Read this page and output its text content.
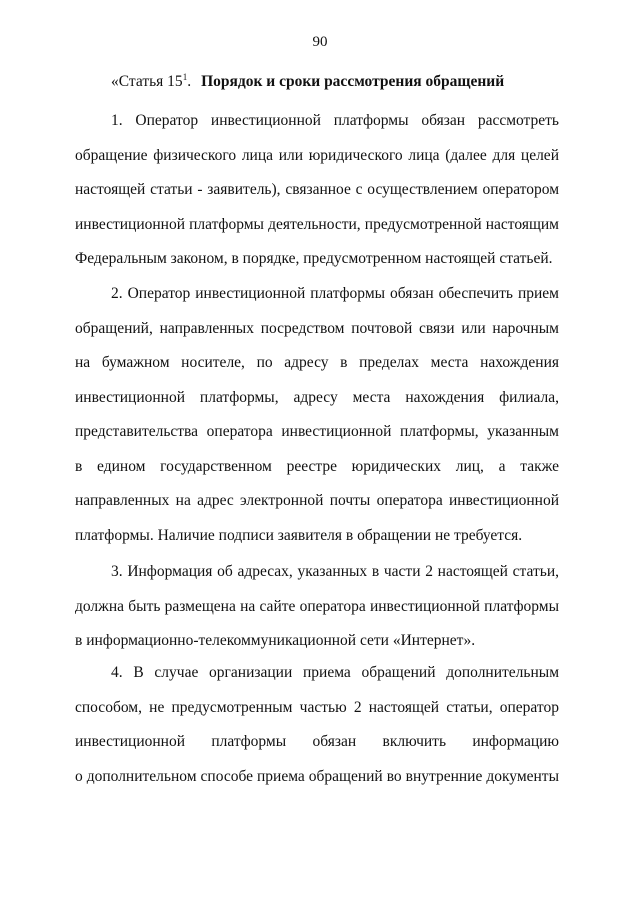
90
«Статья $15^1$. Порядок и сроки рассмотрения обращений
1. Оператор инвестиционной платформы обязан рассмотреть
обращение физического лица или юридического лица (далее для целей
настоящей статьи - заявитель), связанное с осуществлением оператором
инвестиционной платформы деятельности, предусмотренной настоящим
Федеральным законом, в порядке, предусмотренном настоящей статьей.
2. Оператор инвестиционной платформы обязан обеспечить прием
обращений, направленных посредством почтовой связи или нарочным
на бумажном носителе, по адресу в пределах места нахождения
инвестиционной платформы, адресу места нахождения филиала,
представительства оператора инвестиционной платформы, указанным
в едином государственном реестре юридических лиц, а также
направленных на адрес электронной почты оператора инвестиционной
платформы. Наличие подписи заявителя в обращении не требуется.
3. Информация об адресах, указанных в части 2 настоящей статьи,
должна быть размещена на сайте оператора инвестиционной платформы
в информационно-телекоммуникационной сети «Интернет».
4. В случае организации приема обращений дополнительным
способом, не предусмотренным частью 2 настоящей статьи, оператор
инвестиционной платформы обязан включить информацию
о дополнительном способе приема обращений во внутренние документы
